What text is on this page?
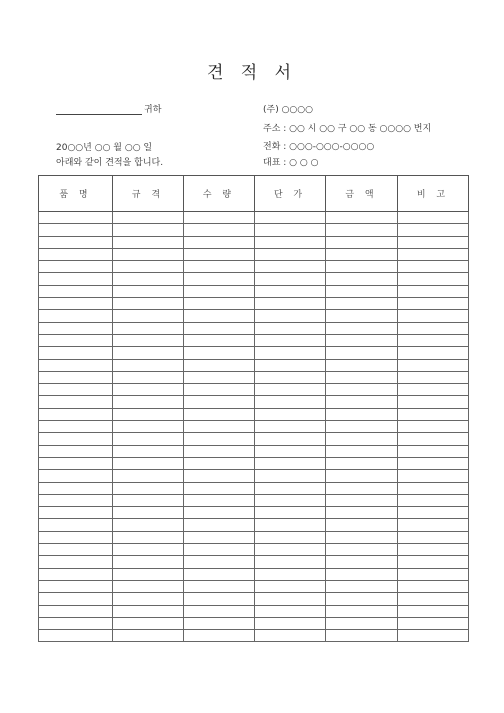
견 적 서
귀하
20○○년 ○○ 월 ○○ 일
아래와 같이 견적을 합니다.
(주) ○○○○
주소 : ○○ 시 ○○ 구 ○○ 동 ○○○○ 번지
전화 : ○○○-○○○-○○○○
대표 : ○ ○ ○
품 명	규 격	수 량	단 가	금 액	비 고
